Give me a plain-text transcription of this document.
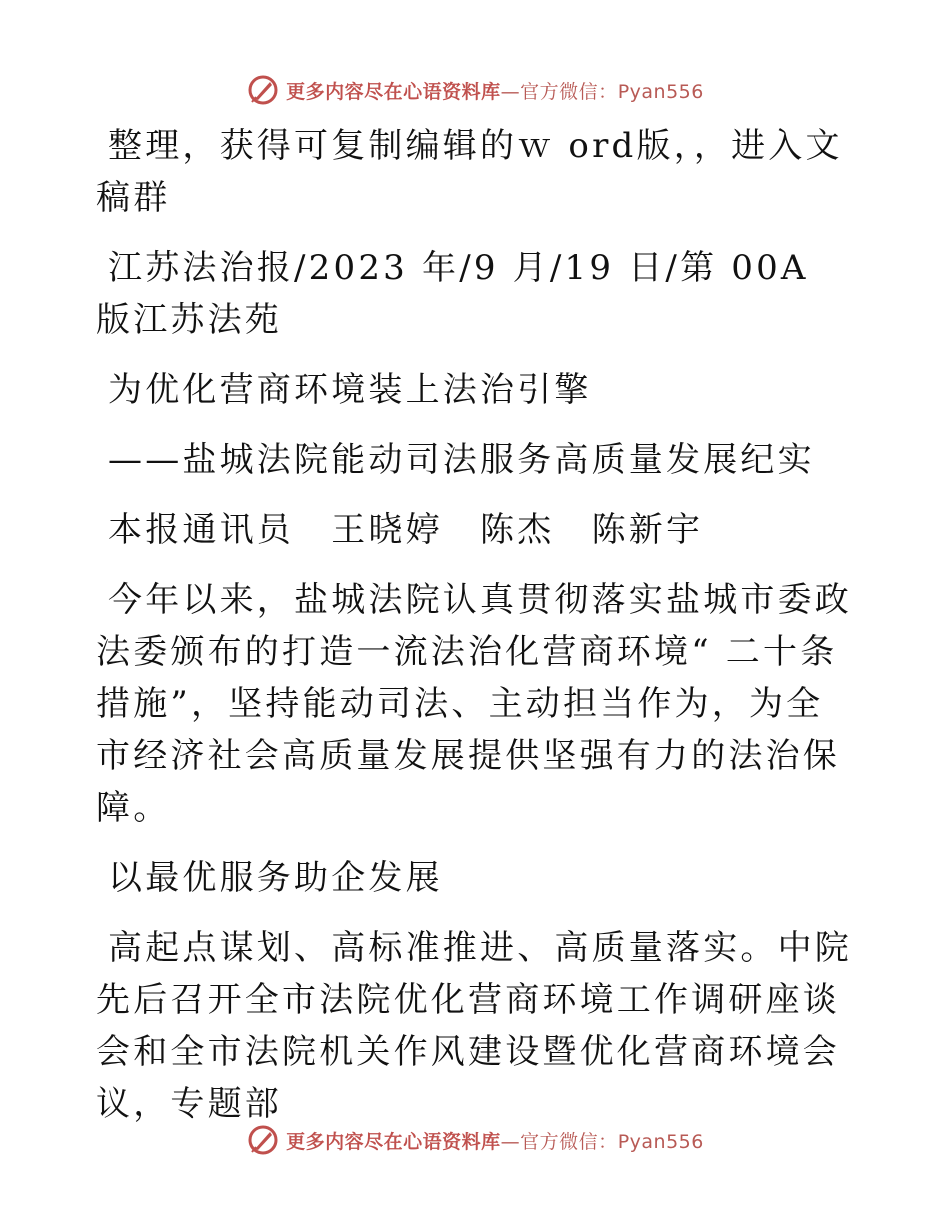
更多内容尽在心语资料库—官方微信：Pyan556

整理，获得可复制编辑的ｗ ord版，，进入文稿群

江苏法治报/2023 年/9 月/19 日/第 00A 版江苏法苑

为优化营商环境装上法治引擎

——盐城法院能动司法服务高质量发展纪实

本报通讯员　王晓婷　陈杰　陈新宇

今年以来，盐城法院认真贯彻落实盐城市委政法委颁布的打造一流法治化营商环境“ 二十条措施”，坚持能动司法、主动担当作为，为全市经济社会高质量发展提供坚强有力的法治保障。

以最优服务助企发展

高起点谋划、高标准推进、高质量落实。中院先后召开全市法院优化营商环境工作调研座谈会和全市法院机关作风建设暨优化营商环境会议，专题部

更多内容尽在心语资料库—官方微信：Pyan556
